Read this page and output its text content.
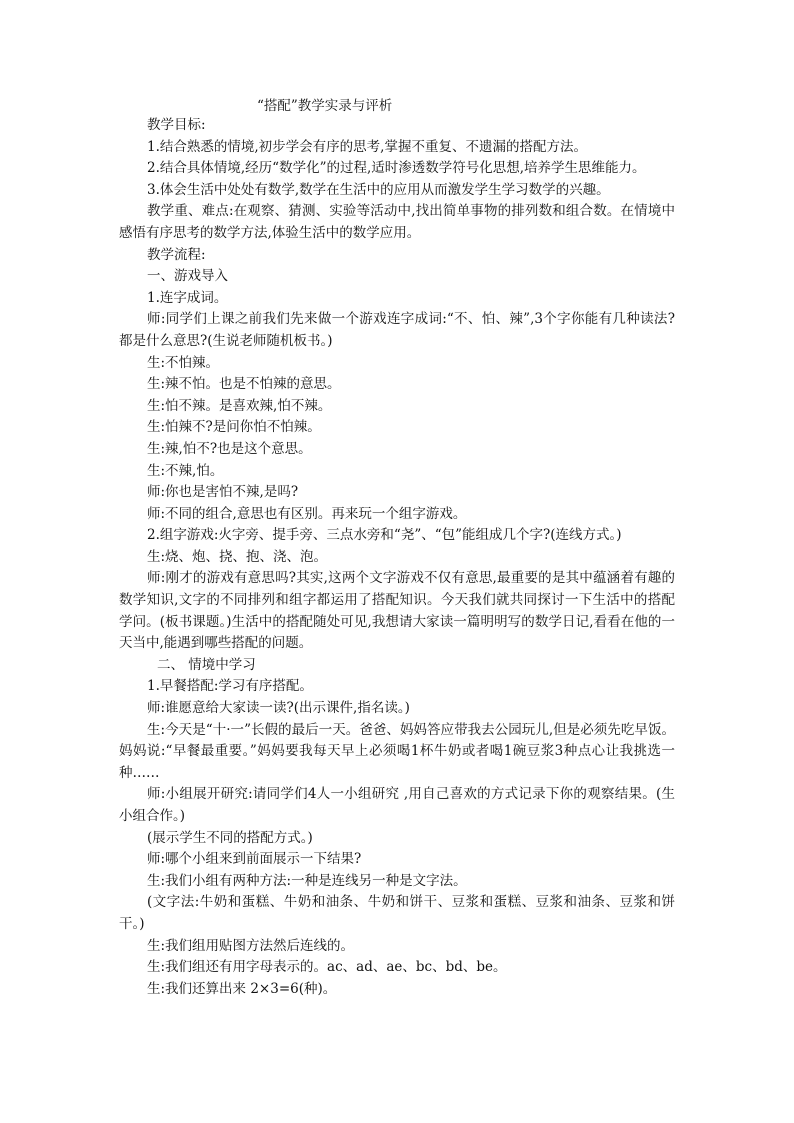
“搭配”教学实录与评析

教学目标:

1.结合熟悉的情境,初步学会有序的思考,掌握不重复、不遗漏的搭配方法。

2.结合具体情境,经历“数学化”的过程,适时渗透数学符号化思想,培养学生思维能力。

3.体会生活中处处有数学,数学在生活中的应用从而激发学生学习数学的兴趣。

教学重、难点:在观察、猜测、实验等活动中,找出简单事物的排列数和组合数。在情境中感悟有序思考的数学方法,体验生活中的数学应用。

教学流程:

一、游戏导入

1.连字成词。

师:同学们上课之前我们先来做一个游戏连字成词:“不、怕、辣”,3个字你能有几种读法?都是什么意思?(生说老师随机板书。)

生:不怕辣。

生:辣不怕。也是不怕辣的意思。

生:怕不辣。是喜欢辣,怕不辣。

生:怕辣不?是问你怕不怕辣。

生:辣,怕不?也是这个意思。

生:不辣,怕。

师:你也是害怕不辣,是吗?

师:不同的组合,意思也有区别。再来玩一个组字游戏。

2.组字游戏:火字旁、提手旁、三点水旁和“尧”、“包”能组成几个字?(连线方式。)

生:烧、炮、挠、抱、浇、泡。

师:刚才的游戏有意思吗?其实,这两个文字游戏不仅有意思,最重要的是其中蕴涵着有趣的数学知识,文字的不同排列和组字都运用了搭配知识。今天我们就共同探讨一下生活中的搭配学问。(板书课题。)生活中的搭配随处可见,我想请大家读一篇明明写的数学日记,看看在他的一天当中,能遇到哪些搭配的问题。

二、 情境中学习

1.早餐搭配:学习有序搭配。

师:谁愿意给大家读一读?(出示课件,指名读。)

生:今天是“十·一”长假的最后一天。爸爸、妈妈答应带我去公园玩儿,但是必须先吃早饭。妈妈说:“早餐最重要。”妈妈要我每天早上必须喝1杯牛奶或者喝1碗豆浆3种点心让我挑选一种……

师:小组展开研究:请同学们4人一小组研究 ,用自己喜欢的方式记录下你的观察结果。(生小组合作。)

(展示学生不同的搭配方式。)

师:哪个小组来到前面展示一下结果?

生:我们小组有两种方法:一种是连线另一种是文字法。

(文字法:牛奶和蛋糕、牛奶和油条、牛奶和饼干、豆浆和蛋糕、豆浆和油条、豆浆和饼干。)

生:我们组用贴图方法然后连线的。

生:我们组还有用字母表示的。ac、ad、ae、bc、bd、be。

生:我们还算出来 2×3=6(种)。
